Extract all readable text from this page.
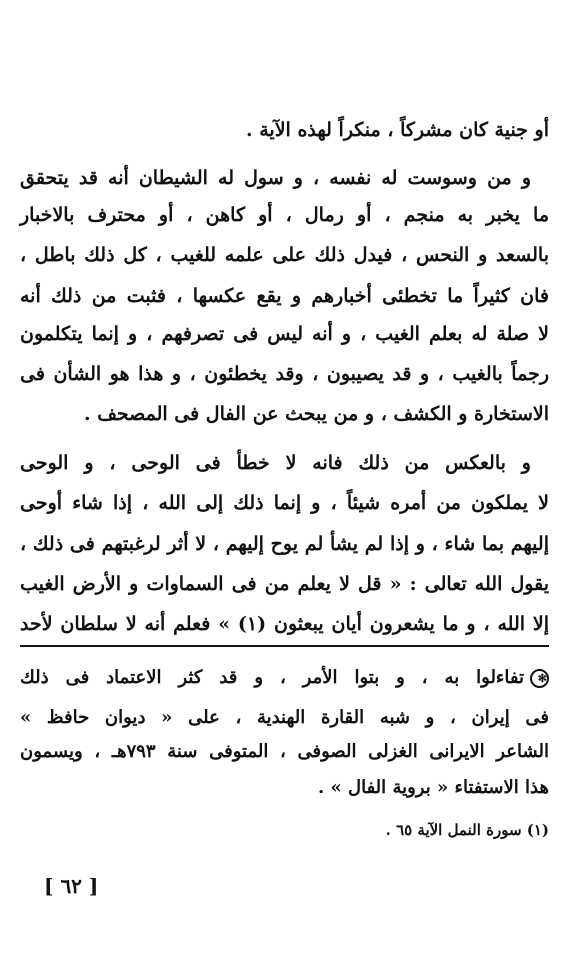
أو جنية كان مشركاً ، منكراً لهذه الآية .
و من وسوست له نفسه ، و سول له الشيطان أنه قد يتحقق
ما يخبر به منجم ، أو رمال ، أو كاهن ، أو محترف بالاخبار
بالسعد و النحس ، فيدل ذلك على علمه للغيب ، كل ذلك باطل ،
فان كثيراً ما تخطئى أخبارهم و يقع عكسها ، فثبت من ذلك أنه
لا صلة له بعلم الغيب ، و أنه ليس فى تصرفهم ، و إنما يتكلمون
رجماً بالغيب ، و قد يصيبون ، وقد يخطئون ، و هذا هو الشأن فى
الاستخارة و الكشف ، و من يبحث عن الفال فى المصحف .
و بالعكس من ذلك فانه لا خطأ فى الوحى ، و الوحى
لا يملكون من أمره شيئاً ، و إنما ذلك إلى الله ، إذا شاء أوحى
إليهم بما شاء ، و إذا لم يشأ لم يوح إليهم ، لا أثر لرغبتهم فى ذلك ،
يقول الله تعالى : « قل لا يعلم من فى السماوات و الأرض الغيب
إلا الله ، و ما يشعرون أيان يبعثون (١) » فعلم أنه لا سلطان لأحد
✻تفاءلوا به ، و بتوا الأمر ، و قد كثر الاعتماد فى ذلك
فى إيران ، و شبه القارة الهندية ، على « ديوان حافظ »
الشاعر الايرانى الغزلى الصوفى ، المتوفى سنة ٧٩٣هـ ، ويسمون
هذا الاستفتاء « بروية الفال » .
(١) سورة النمل الآية ٦٥ .
[ ٦٢ ]
